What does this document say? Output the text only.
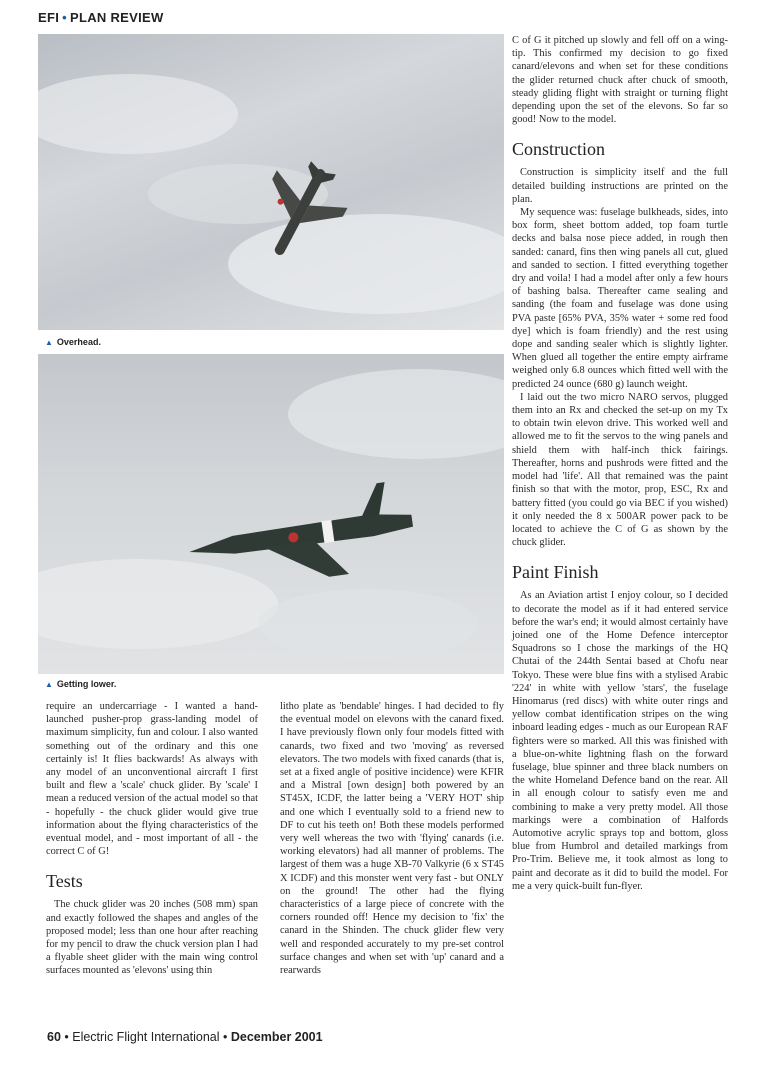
EFI • PLAN REVIEW
▲ Overhead.
▲ Getting lower.

require an undercarriage - I wanted a hand-launched pusher-prop grass-landing model of maximum simplicity, fun and colour. I also wanted something out of the ordinary and this one certainly is! It flies backwards! As always with any model of an unconventional aircraft I first built and flew a 'scale' chuck glider. By 'scale' I mean a reduced version of the actual model so that - hopefully - the chuck glider would give true information about the flying characteristics of the eventual model, and - most important of all - the correct C of G!

Tests

The chuck glider was 20 inches (508 mm) span and exactly followed the shapes and angles of the proposed model; less than one hour after reaching for my pencil to draw the chuck version plan I had a flyable sheet glider with the main wing control surfaces mounted as 'elevons' using thin

litho plate as 'bendable' hinges. I had decided to fly the eventual model on elevons with the canard fixed. I have previously flown only four models fitted with canards, two fixed and two 'moving' as reversed elevators. The two models with fixed canards (that is, set at a fixed angle of positive incidence) were KFIR and a Mistral [own design] both powered by an ST45X, ICDF, the latter being a 'VERY HOT' ship and one which I eventually sold to a friend new to DF to cut his teeth on! Both these models performed very well whereas the two with 'flying' canards (i.e. working elevators) had all manner of problems. The largest of them was a huge XB-70 Valkyrie (6 x ST45 X ICDF) and this monster went very fast - but ONLY on the ground! The other had the flying characteristics of a large piece of concrete with the corners rounded off! Hence my decision to 'fix' the canard in the Shinden. The chuck glider flew very well and responded accurately to my pre-set control surface changes and when set with 'up' canard and a rearwards

C of G it pitched up slowly and fell off on a wing-tip. This confirmed my decision to go fixed canard/elevons and when set for these conditions the glider returned chuck after chuck of smooth, steady gliding flight with straight or turning flight depending upon the set of the elevons. So far so good! Now to the model.

Construction

Construction is simplicity itself and the full detailed building instructions are printed on the plan.

My sequence was: fuselage bulkheads, sides, into box form, sheet bottom added, top foam turtle decks and balsa nose piece added, in rough then sanded: canard, fins then wing panels all cut, glued and sanded to section. I fitted everything together dry and voila! I had a model after only a few hours of bashing balsa. Thereafter came sealing and sanding (the foam and fuselage was done using PVA paste [65% PVA, 35% water + some red food dye] which is foam friendly) and the rest using dope and sanding sealer which is slightly lighter. When glued all together the entire empty airframe weighed only 6.8 ounces which fitted well with the predicted 24 ounce (680 g) launch weight.

I laid out the two micro NARO servos, plugged them into an Rx and checked the set-up on my Tx to obtain twin elevon drive. This worked well and allowed me to fit the servos to the wing panels and shield them with half-inch thick fairings. Thereafter, horns and pushrods were fitted and the model had 'life'. All that remained was the paint finish so that with the motor, prop, ESC, Rx and battery fitted (you could go via BEC if you wished) it only needed the 8 x 500AR power pack to be located to achieve the C of G as shown by the chuck glider.

Paint Finish

As an Aviation artist I enjoy colour, so I decided to decorate the model as if it had entered service before the war's end; it would almost certainly have joined one of the Home Defence interceptor Squadrons so I chose the markings of the HQ Chutai of the 244th Sentai based at Chofu near Tokyo. These were blue fins with a stylised Arabic '224' in white with yellow 'stars', the fuselage Hinomarus (red discs) with white outer rings and yellow combat identification stripes on the wing inboard leading edges - much as our European RAF fighters were so marked. All this was finished with a blue-on-white lightning flash on the forward fuselage, blue spinner and three black numbers on the white Homeland Defence band on the rear. All in all enough colour to satisfy even me and combining to make a very pretty model. All those markings were a combination of Halfords Automotive acrylic sprays top and bottom, gloss blue from Humbrol and detailed markings from Pro-Trim. Believe me, it took almost as long to paint and decorate as it did to build the model. For me a very quick-built fun-flyer.

60 • Electric Flight International • December 2001
